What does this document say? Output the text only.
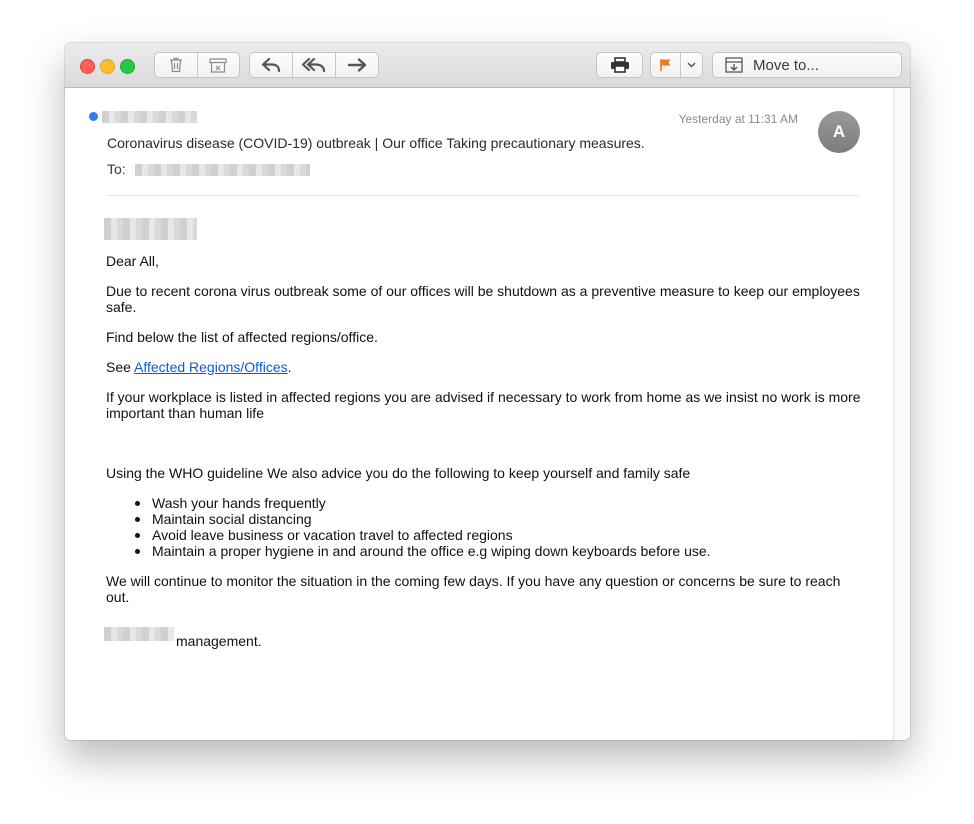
Move to...
Yesterday at 11:31 AM
A
Coronavirus disease (COVID-19) outbreak | Our office Taking precautionary measures.
To:

Dear All,

Due to recent corona virus outbreak some of our offices will be shutdown as a preventive measure to keep our employees safe.

Find below the list of affected regions/office.

See Affected Regions/Offices.

If your workplace is listed in affected regions you are advised if necessary to work from home as we insist no work is more important than human life

Using the WHO guideline We also advice you do the following to keep yourself and family safe

Wash your hands frequently
Maintain social distancing
Avoid leave business or vacation travel to affected regions
Maintain a proper hygiene in and around the office e.g wiping down keyboards before use.

We will continue to monitor the situation in the coming few days. If you have any question or concerns be sure to reach out.

management.
